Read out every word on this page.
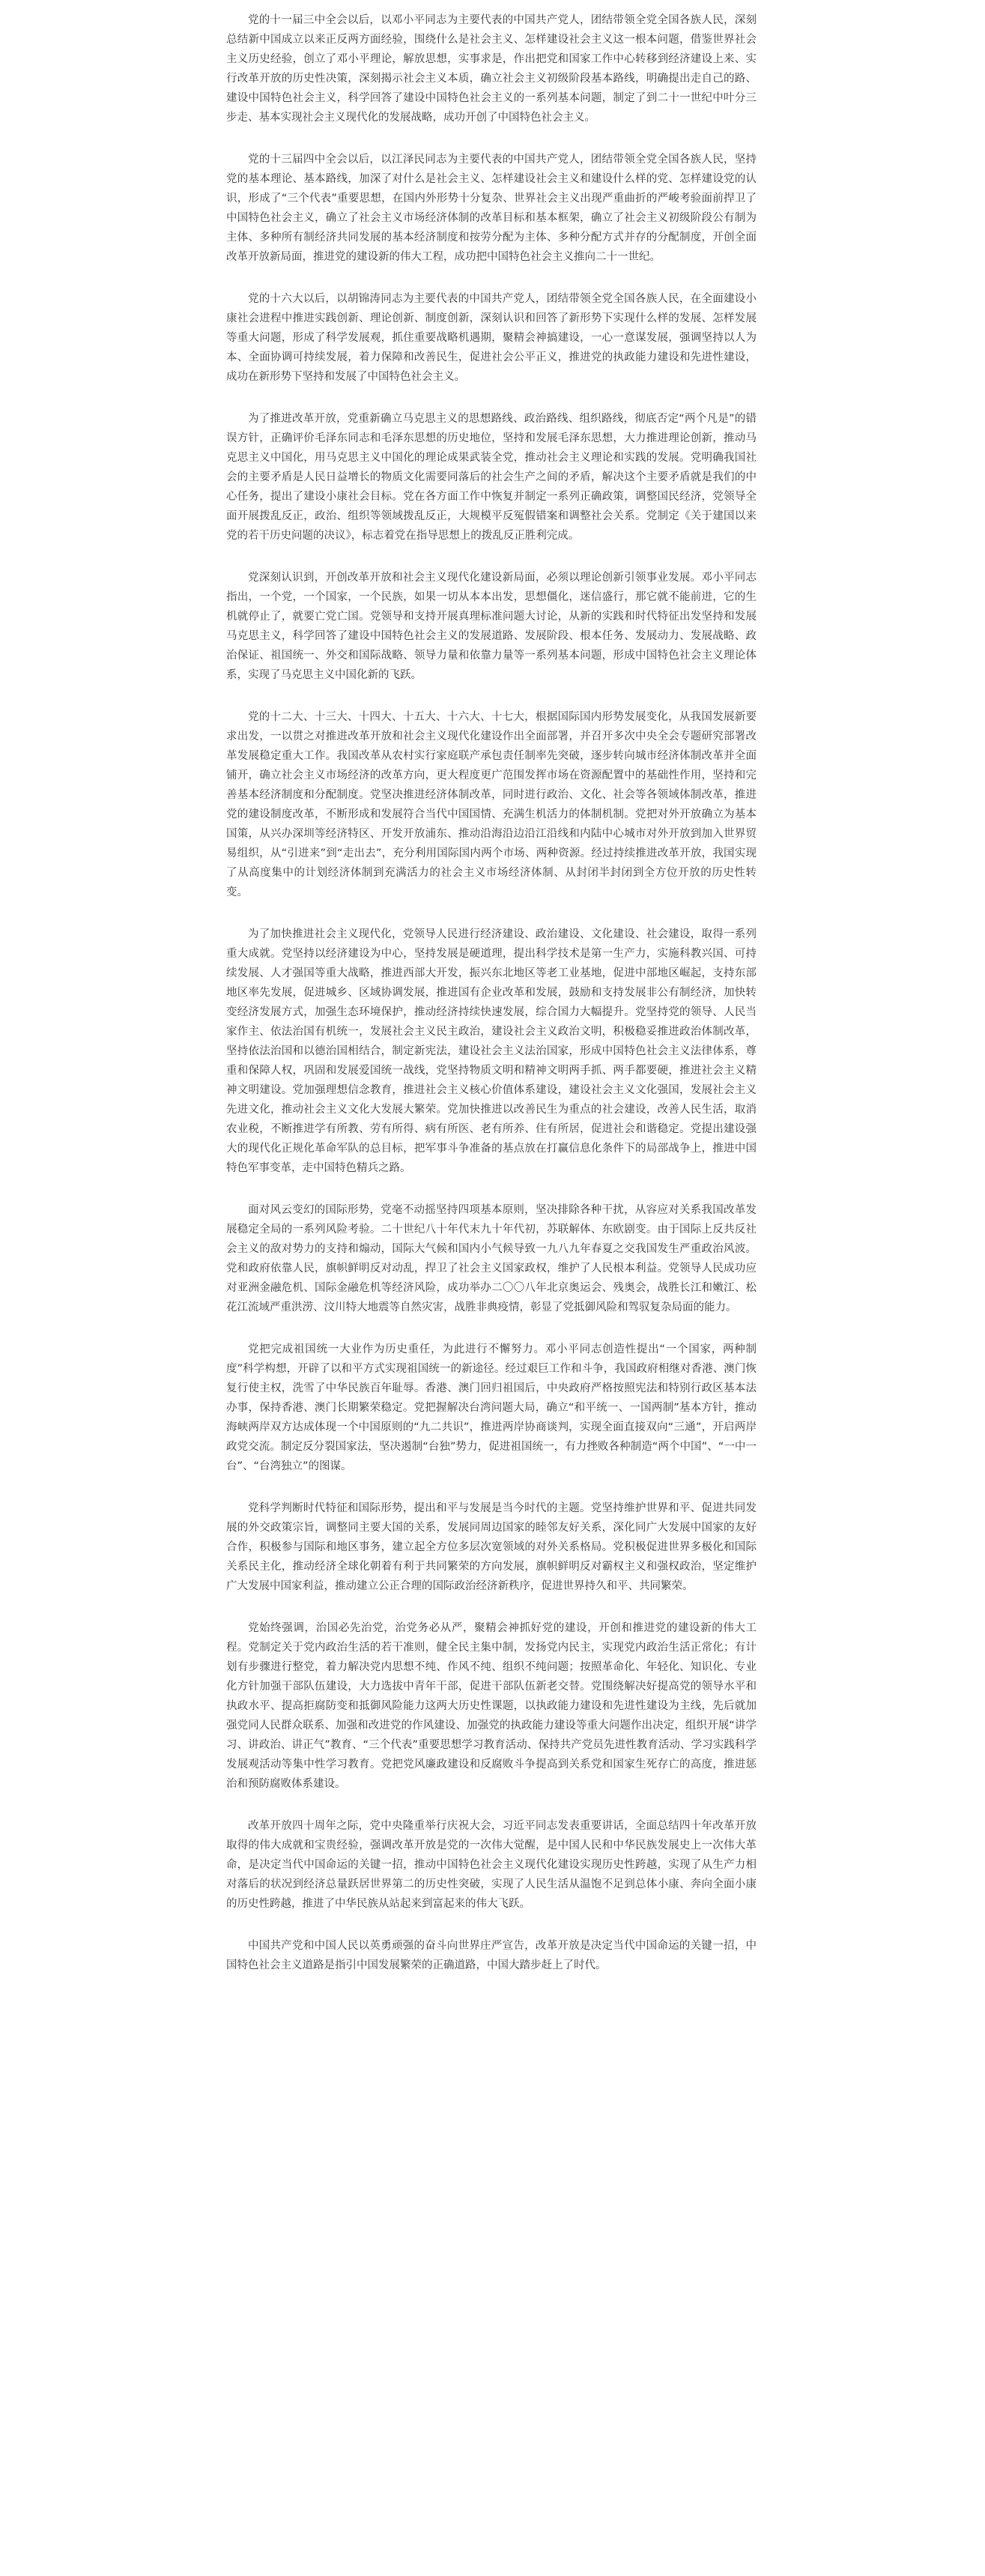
党的十一届三中全会以后，以邓小平同志为主要代表的中国共产党人，团结带领全党全国各族人民，深刻总结新中国成立以来正反两方面经验，围绕什么是社会主义、怎样建设社会主义这一根本问题，借鉴世界社会主义历史经验，创立了邓小平理论，解放思想，实事求是，作出把党和国家工作中心转移到经济建设上来、实行改革开放的历史性决策，深刻揭示社会主义本质，确立社会主义初级阶段基本路线，明确提出走自己的路、建设中国特色社会主义，科学回答了建设中国特色社会主义的一系列基本问题，制定了到二十一世纪中叶分三步走、基本实现社会主义现代化的发展战略，成功开创了中国特色社会主义。

党的十三届四中全会以后，以江泽民同志为主要代表的中国共产党人，团结带领全党全国各族人民，坚持党的基本理论、基本路线，加深了对什么是社会主义、怎样建设社会主义和建设什么样的党、怎样建设党的认识，形成了“三个代表”重要思想，在国内外形势十分复杂、世界社会主义出现严重曲折的严峻考验面前捍卫了中国特色社会主义，确立了社会主义市场经济体制的改革目标和基本框架，确立了社会主义初级阶段公有制为主体、多种所有制经济共同发展的基本经济制度和按劳分配为主体、多种分配方式并存的分配制度，开创全面改革开放新局面，推进党的建设新的伟大工程，成功把中国特色社会主义推向二十一世纪。

党的十六大以后，以胡锦涛同志为主要代表的中国共产党人，团结带领全党全国各族人民，在全面建设小康社会进程中推进实践创新、理论创新、制度创新，深刻认识和回答了新形势下实现什么样的发展、怎样发展等重大问题，形成了科学发展观，抓住重要战略机遇期，聚精会神搞建设，一心一意谋发展，强调坚持以人为本、全面协调可持续发展，着力保障和改善民生，促进社会公平正义，推进党的执政能力建设和先进性建设，成功在新形势下坚持和发展了中国特色社会主义。

为了推进改革开放，党重新确立马克思主义的思想路线、政治路线、组织路线，彻底否定“两个凡是”的错误方针，正确评价毛泽东同志和毛泽东思想的历史地位，坚持和发展毛泽东思想，大力推进理论创新，推动马克思主义中国化，用马克思主义中国化的理论成果武装全党，推动社会主义理论和实践的发展。党明确我国社会的主要矛盾是人民日益增长的物质文化需要同落后的社会生产之间的矛盾，解决这个主要矛盾就是我们的中心任务，提出了建设小康社会目标。党在各方面工作中恢复并制定一系列正确政策，调整国民经济，党领导全面开展拨乱反正，政治、组织等领域拨乱反正，大规模平反冤假错案和调整社会关系。党制定《关于建国以来党的若干历史问题的决议》，标志着党在指导思想上的拨乱反正胜利完成。

党深刻认识到，开创改革开放和社会主义现代化建设新局面，必须以理论创新引领事业发展。邓小平同志指出，一个党，一个国家，一个民族，如果一切从本本出发，思想僵化，迷信盛行，那它就不能前进，它的生机就停止了，就要亡党亡国。党领导和支持开展真理标准问题大讨论，从新的实践和时代特征出发坚持和发展马克思主义，科学回答了建设中国特色社会主义的发展道路、发展阶段、根本任务、发展动力、发展战略、政治保证、祖国统一、外交和国际战略、领导力量和依靠力量等一系列基本问题，形成中国特色社会主义理论体系，实现了马克思主义中国化新的飞跃。

党的十二大、十三大、十四大、十五大、十六大、十七大，根据国际国内形势发展变化，从我国发展新要求出发，一以贯之对推进改革开放和社会主义现代化建设作出全面部署，并召开多次中央全会专题研究部署改革发展稳定重大工作。我国改革从农村实行家庭联产承包责任制率先突破，逐步转向城市经济体制改革并全面铺开，确立社会主义市场经济的改革方向，更大程度更广范围发挥市场在资源配置中的基础性作用，坚持和完善基本经济制度和分配制度。党坚决推进经济体制改革，同时进行政治、文化、社会等各领域体制改革，推进党的建设制度改革，不断形成和发展符合当代中国国情、充满生机活力的体制机制。党把对外开放确立为基本国策，从兴办深圳等经济特区、开发开放浦东、推动沿海沿边沿江沿线和内陆中心城市对外开放到加入世界贸易组织，从“引进来”到“走出去”，充分利用国际国内两个市场、两种资源。经过持续推进改革开放，我国实现了从高度集中的计划经济体制到充满活力的社会主义市场经济体制、从封闭半封闭到全方位开放的历史性转变。

为了加快推进社会主义现代化，党领导人民进行经济建设、政治建设、文化建设、社会建设，取得一系列重大成就。党坚持以经济建设为中心，坚持发展是硬道理，提出科学技术是第一生产力，实施科教兴国、可持续发展、人才强国等重大战略，推进西部大开发，振兴东北地区等老工业基地，促进中部地区崛起，支持东部地区率先发展，促进城乡、区域协调发展，推进国有企业改革和发展，鼓励和支持发展非公有制经济，加快转变经济发展方式，加强生态环境保护，推动经济持续快速发展，综合国力大幅提升。党坚持党的领导、人民当家作主、依法治国有机统一，发展社会主义民主政治，建设社会主义政治文明，积极稳妥推进政治体制改革，坚持依法治国和以德治国相结合，制定新宪法，建设社会主义法治国家，形成中国特色社会主义法律体系，尊重和保障人权，巩固和发展爱国统一战线，党坚持物质文明和精神文明两手抓、两手都要硬，推进社会主义精神文明建设。党加强理想信念教育，推进社会主义核心价值体系建设，建设社会主义文化强国，发展社会主义先进文化，推动社会主义文化大发展大繁荣。党加快推进以改善民生为重点的社会建设，改善人民生活，取消农业税，不断推进学有所教、劳有所得、病有所医、老有所养、住有所居，促进社会和谐稳定。党提出建设强大的现代化正规化革命军队的总目标，把军事斗争准备的基点放在打赢信息化条件下的局部战争上，推进中国特色军事变革，走中国特色精兵之路。

面对风云变幻的国际形势，党毫不动摇坚持四项基本原则，坚决排除各种干扰，从容应对关系我国改革发展稳定全局的一系列风险考验。二十世纪八十年代末九十年代初，苏联解体、东欧剧变。由于国际上反共反社会主义的敌对势力的支持和煽动，国际大气候和国内小气候导致一九八九年春夏之交我国发生严重政治风波。党和政府依靠人民，旗帜鲜明反对动乱，捍卫了社会主义国家政权，维护了人民根本利益。党领导人民成功应对亚洲金融危机、国际金融危机等经济风险，成功举办二〇〇八年北京奥运会、残奥会，战胜长江和嫩江、松花江流域严重洪涝、汶川特大地震等自然灾害，战胜非典疫情，彰显了党抵御风险和驾驭复杂局面的能力。

党把完成祖国统一大业作为历史重任，为此进行不懈努力。邓小平同志创造性提出“一个国家，两种制度”科学构想，开辟了以和平方式实现祖国统一的新途径。经过艰巨工作和斗争，我国政府相继对香港、澳门恢复行使主权，洗雪了中华民族百年耻辱。香港、澳门回归祖国后，中央政府严格按照宪法和特别行政区基本法办事，保持香港、澳门长期繁荣稳定。党把握解决台湾问题大局，确立“和平统一、一国两制”基本方针，推动海峡两岸双方达成体现一个中国原则的“九二共识”，推进两岸协商谈判，实现全面直接双向“三通”，开启两岸政党交流。制定反分裂国家法，坚决遏制“台独”势力，促进祖国统一，有力挫败各种制造“两个中国”、“一中一台”、“台湾独立”的图谋。

党科学判断时代特征和国际形势，提出和平与发展是当今时代的主题。党坚持维护世界和平、促进共同发展的外交政策宗旨，调整同主要大国的关系，发展同周边国家的睦邻友好关系，深化同广大发展中国家的友好合作，积极参与国际和地区事务，建立起全方位多层次宽领域的对外关系格局。党积极促进世界多极化和国际关系民主化，推动经济全球化朝着有利于共同繁荣的方向发展，旗帜鲜明反对霸权主义和强权政治，坚定维护广大发展中国家利益，推动建立公正合理的国际政治经济新秩序，促进世界持久和平、共同繁荣。

党始终强调，治国必先治党，治党务必从严，聚精会神抓好党的建设，开创和推进党的建设新的伟大工程。党制定关于党内政治生活的若干准则，健全民主集中制，发扬党内民主，实现党内政治生活正常化；有计划有步骤进行整党，着力解决党内思想不纯、作风不纯、组织不纯问题；按照革命化、年轻化、知识化、专业化方针加强干部队伍建设，大力选拔中青年干部，促进干部队伍新老交替。党围绕解决好提高党的领导水平和执政水平、提高拒腐防变和抵御风险能力这两大历史性课题，以执政能力建设和先进性建设为主线，先后就加强党同人民群众联系、加强和改进党的作风建设、加强党的执政能力建设等重大问题作出决定，组织开展“讲学习、讲政治、讲正气”教育、“三个代表”重要思想学习教育活动、保持共产党员先进性教育活动、学习实践科学发展观活动等集中性学习教育。党把党风廉政建设和反腐败斗争提高到关系党和国家生死存亡的高度，推进惩治和预防腐败体系建设。

改革开放四十周年之际，党中央隆重举行庆祝大会，习近平同志发表重要讲话，全面总结四十年改革开放取得的伟大成就和宝贵经验，强调改革开放是党的一次伟大觉醒，是中国人民和中华民族发展史上一次伟大革命，是决定当代中国命运的关键一招，推动中国特色社会主义现代化建设实现历史性跨越，实现了从生产力相对落后的状况到经济总量跃居世界第二的历史性突破，实现了人民生活从温饱不足到总体小康、奔向全面小康的历史性跨越，推进了中华民族从站起来到富起来的伟大飞跃。

中国共产党和中国人民以英勇顽强的奋斗向世界庄严宣告，改革开放是决定当代中国命运的关键一招，中国特色社会主义道路是指引中国发展繁荣的正确道路，中国大踏步赶上了时代。
